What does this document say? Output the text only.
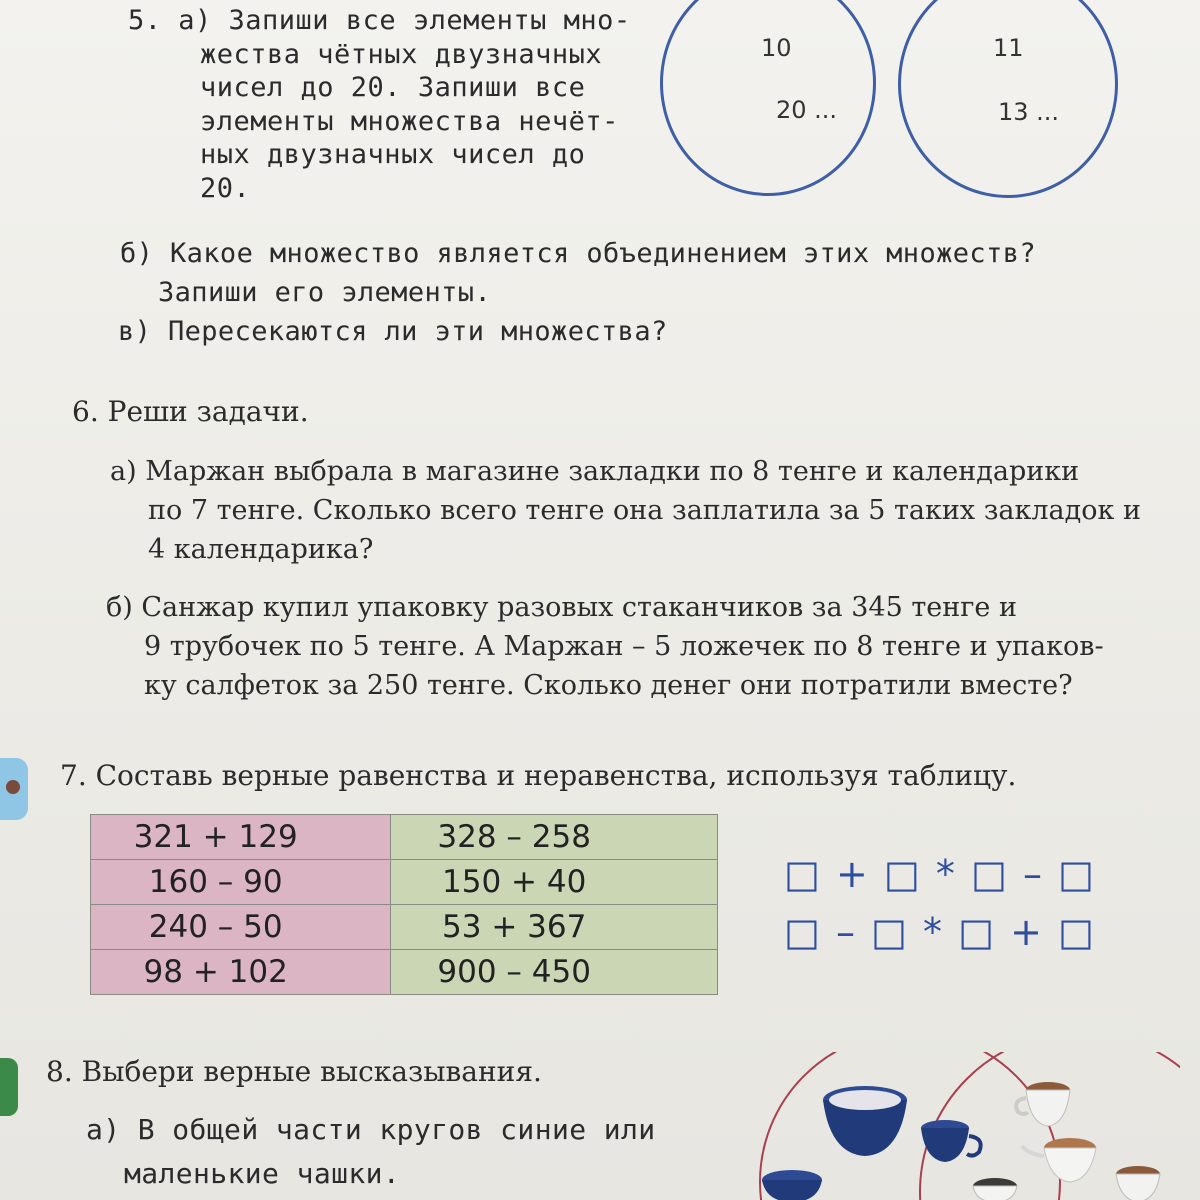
5. а) Запиши все элементы мно-
жества чётных двузначных
чисел до 20. Запиши все
элементы множества нечёт-
ных двузначных чисел до
20.
10
20 ...
11
13 ...
б) Какое множество является объединением этих множеств?
Запиши его элементы.
в) Пересекаются ли эти множества?
6. Реши задачи.
а) Маржан выбрала в магазине закладки по 8 тенге и календарики
по 7 тенге. Сколько всего тенге она заплатила за 5 таких закладок и
4 календарика?
б) Санжар купил упаковку разовых стаканчиков за 345 тенге и
9 трубочек по 5 тенге. А Маржан – 5 ложечек по 8 тенге и упаков-
ку салфеток за 250 тенге. Сколько денег они потратили вместе?
7. Составь верные равенства и неравенства, используя таблицу.
321 + 129	328 – 258
160 – 90	150 + 40
240 – 50	53 + 367
98 + 102	900 – 450
□ + □ * □ – □
□ – □ * □ + □
8. Выбери верные высказывания.
а) В общей части кругов синие или
маленькие чашки.
